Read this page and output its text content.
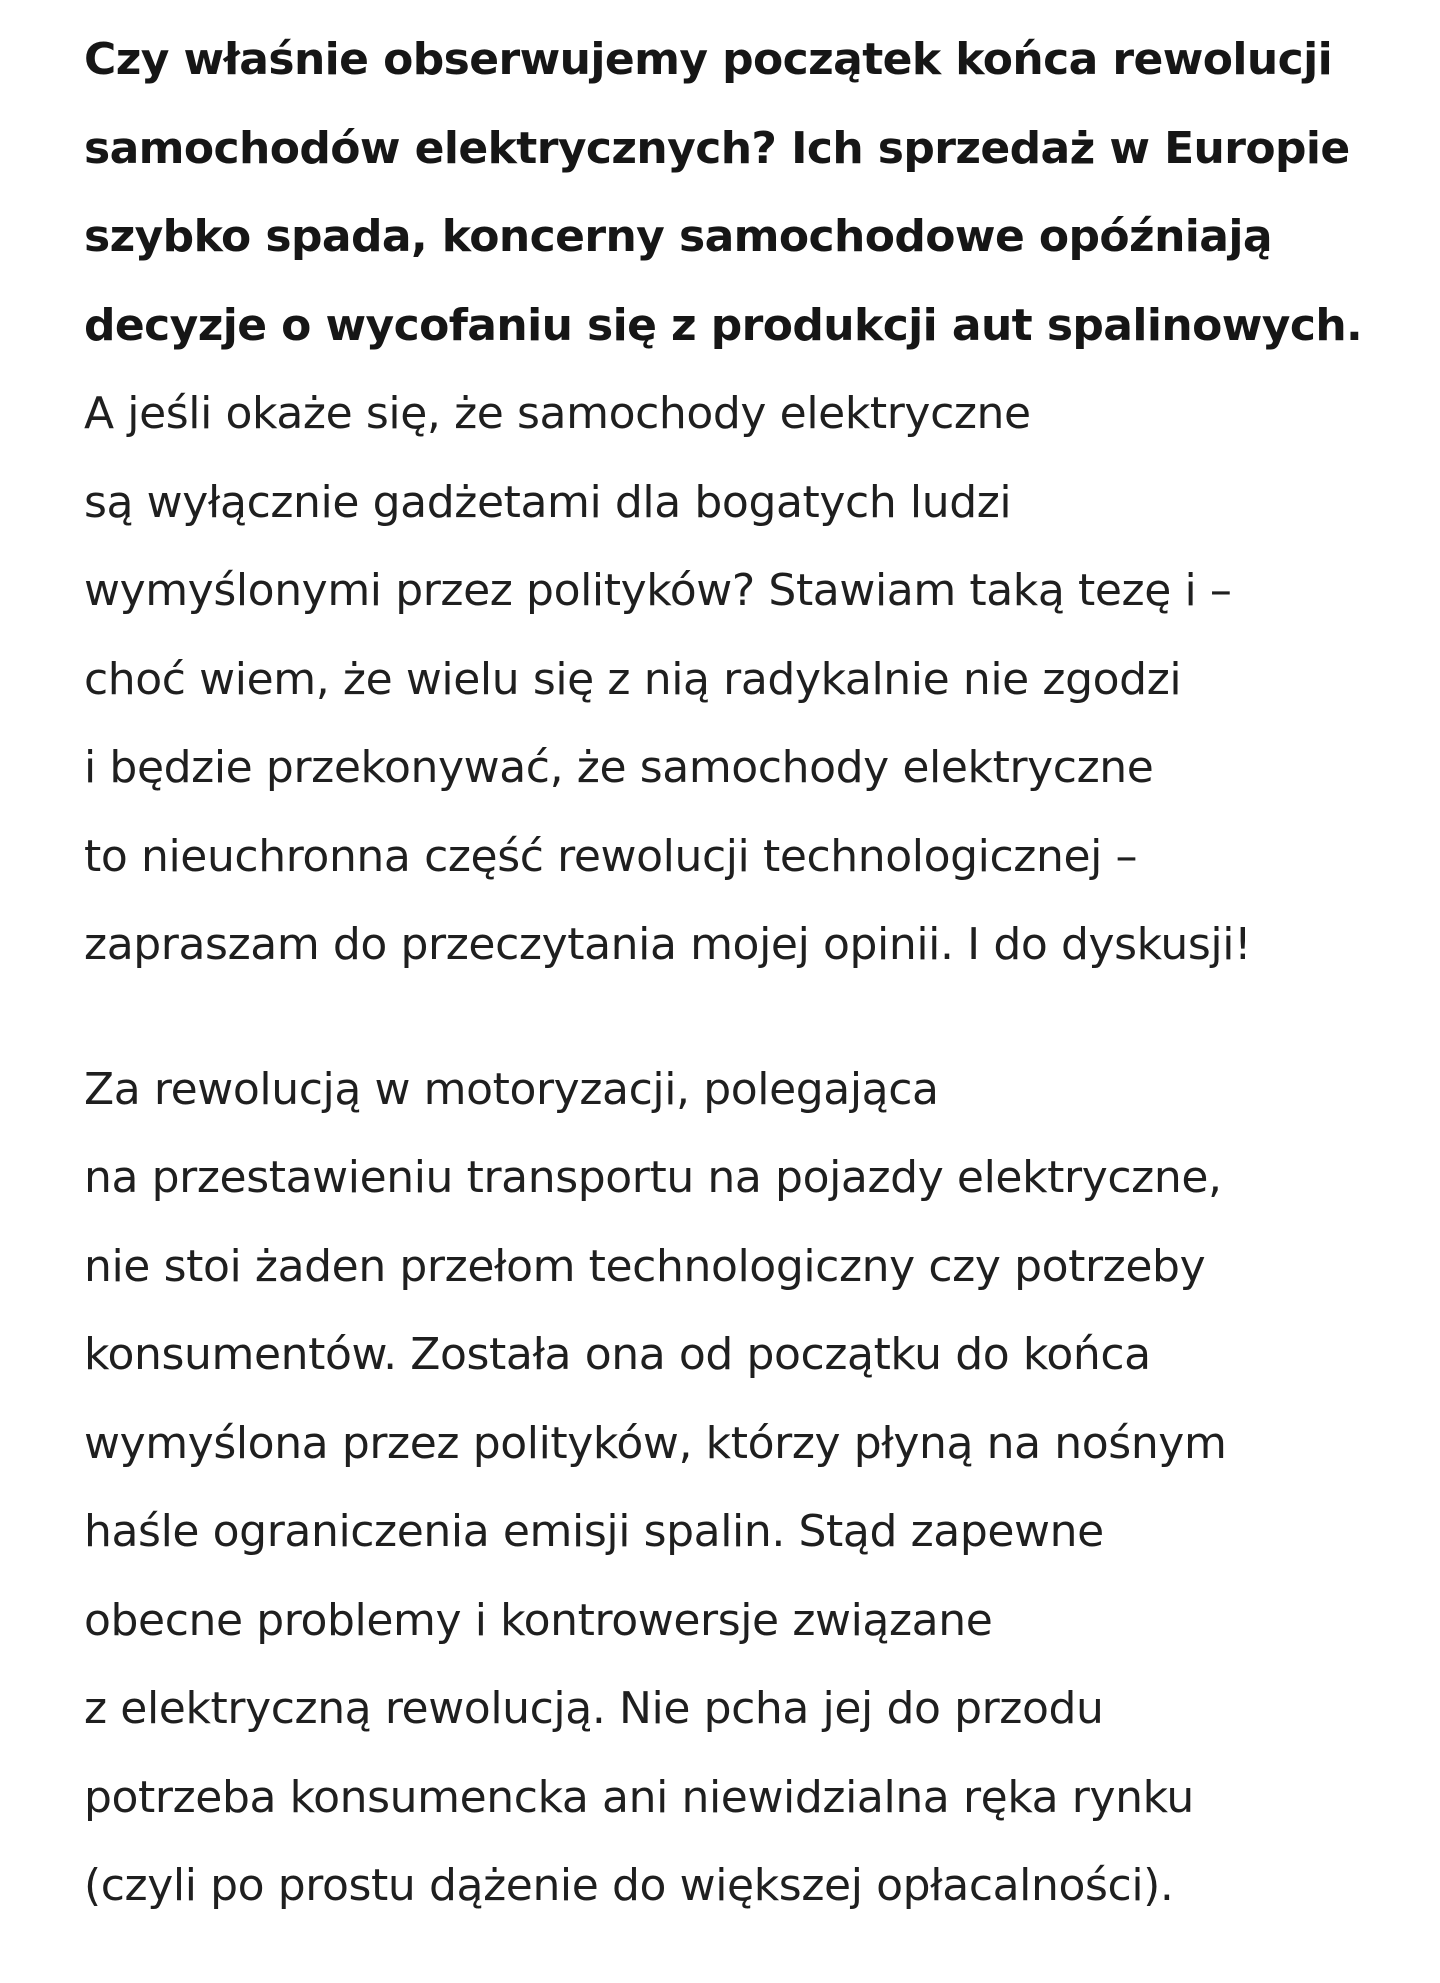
Czy właśnie obserwujemy początek końca rewolucji
samochodów elektrycznych? Ich sprzedaż w Europie
szybko spada, koncerny samochodowe opóźniają
decyzje o wycofaniu się z produkcji aut spalinowych.
A jeśli okaże się, że samochody elektryczne
są wyłącznie gadżetami dla bogatych ludzi
wymyślonymi przez polityków? Stawiam taką tezę i –
choć wiem, że wielu się z nią radykalnie nie zgodzi
i będzie przekonywać, że samochody elektryczne
to nieuchronna część rewolucji technologicznej –
zapraszam do przeczytania mojej opinii. I do dyskusji!
Za rewolucją w motoryzacji, polegająca
na przestawieniu transportu na pojazdy elektryczne,
nie stoi żaden przełom technologiczny czy potrzeby
konsumentów. Została ona od początku do końca
wymyślona przez polityków, którzy płyną na nośnym
haśle ograniczenia emisji spalin. Stąd zapewne
obecne problemy i kontrowersje związane
z elektryczną rewolucją. Nie pcha jej do przodu
potrzeba konsumencka ani niewidzialna ręka rynku
(czyli po prostu dążenie do większej opłacalności).
